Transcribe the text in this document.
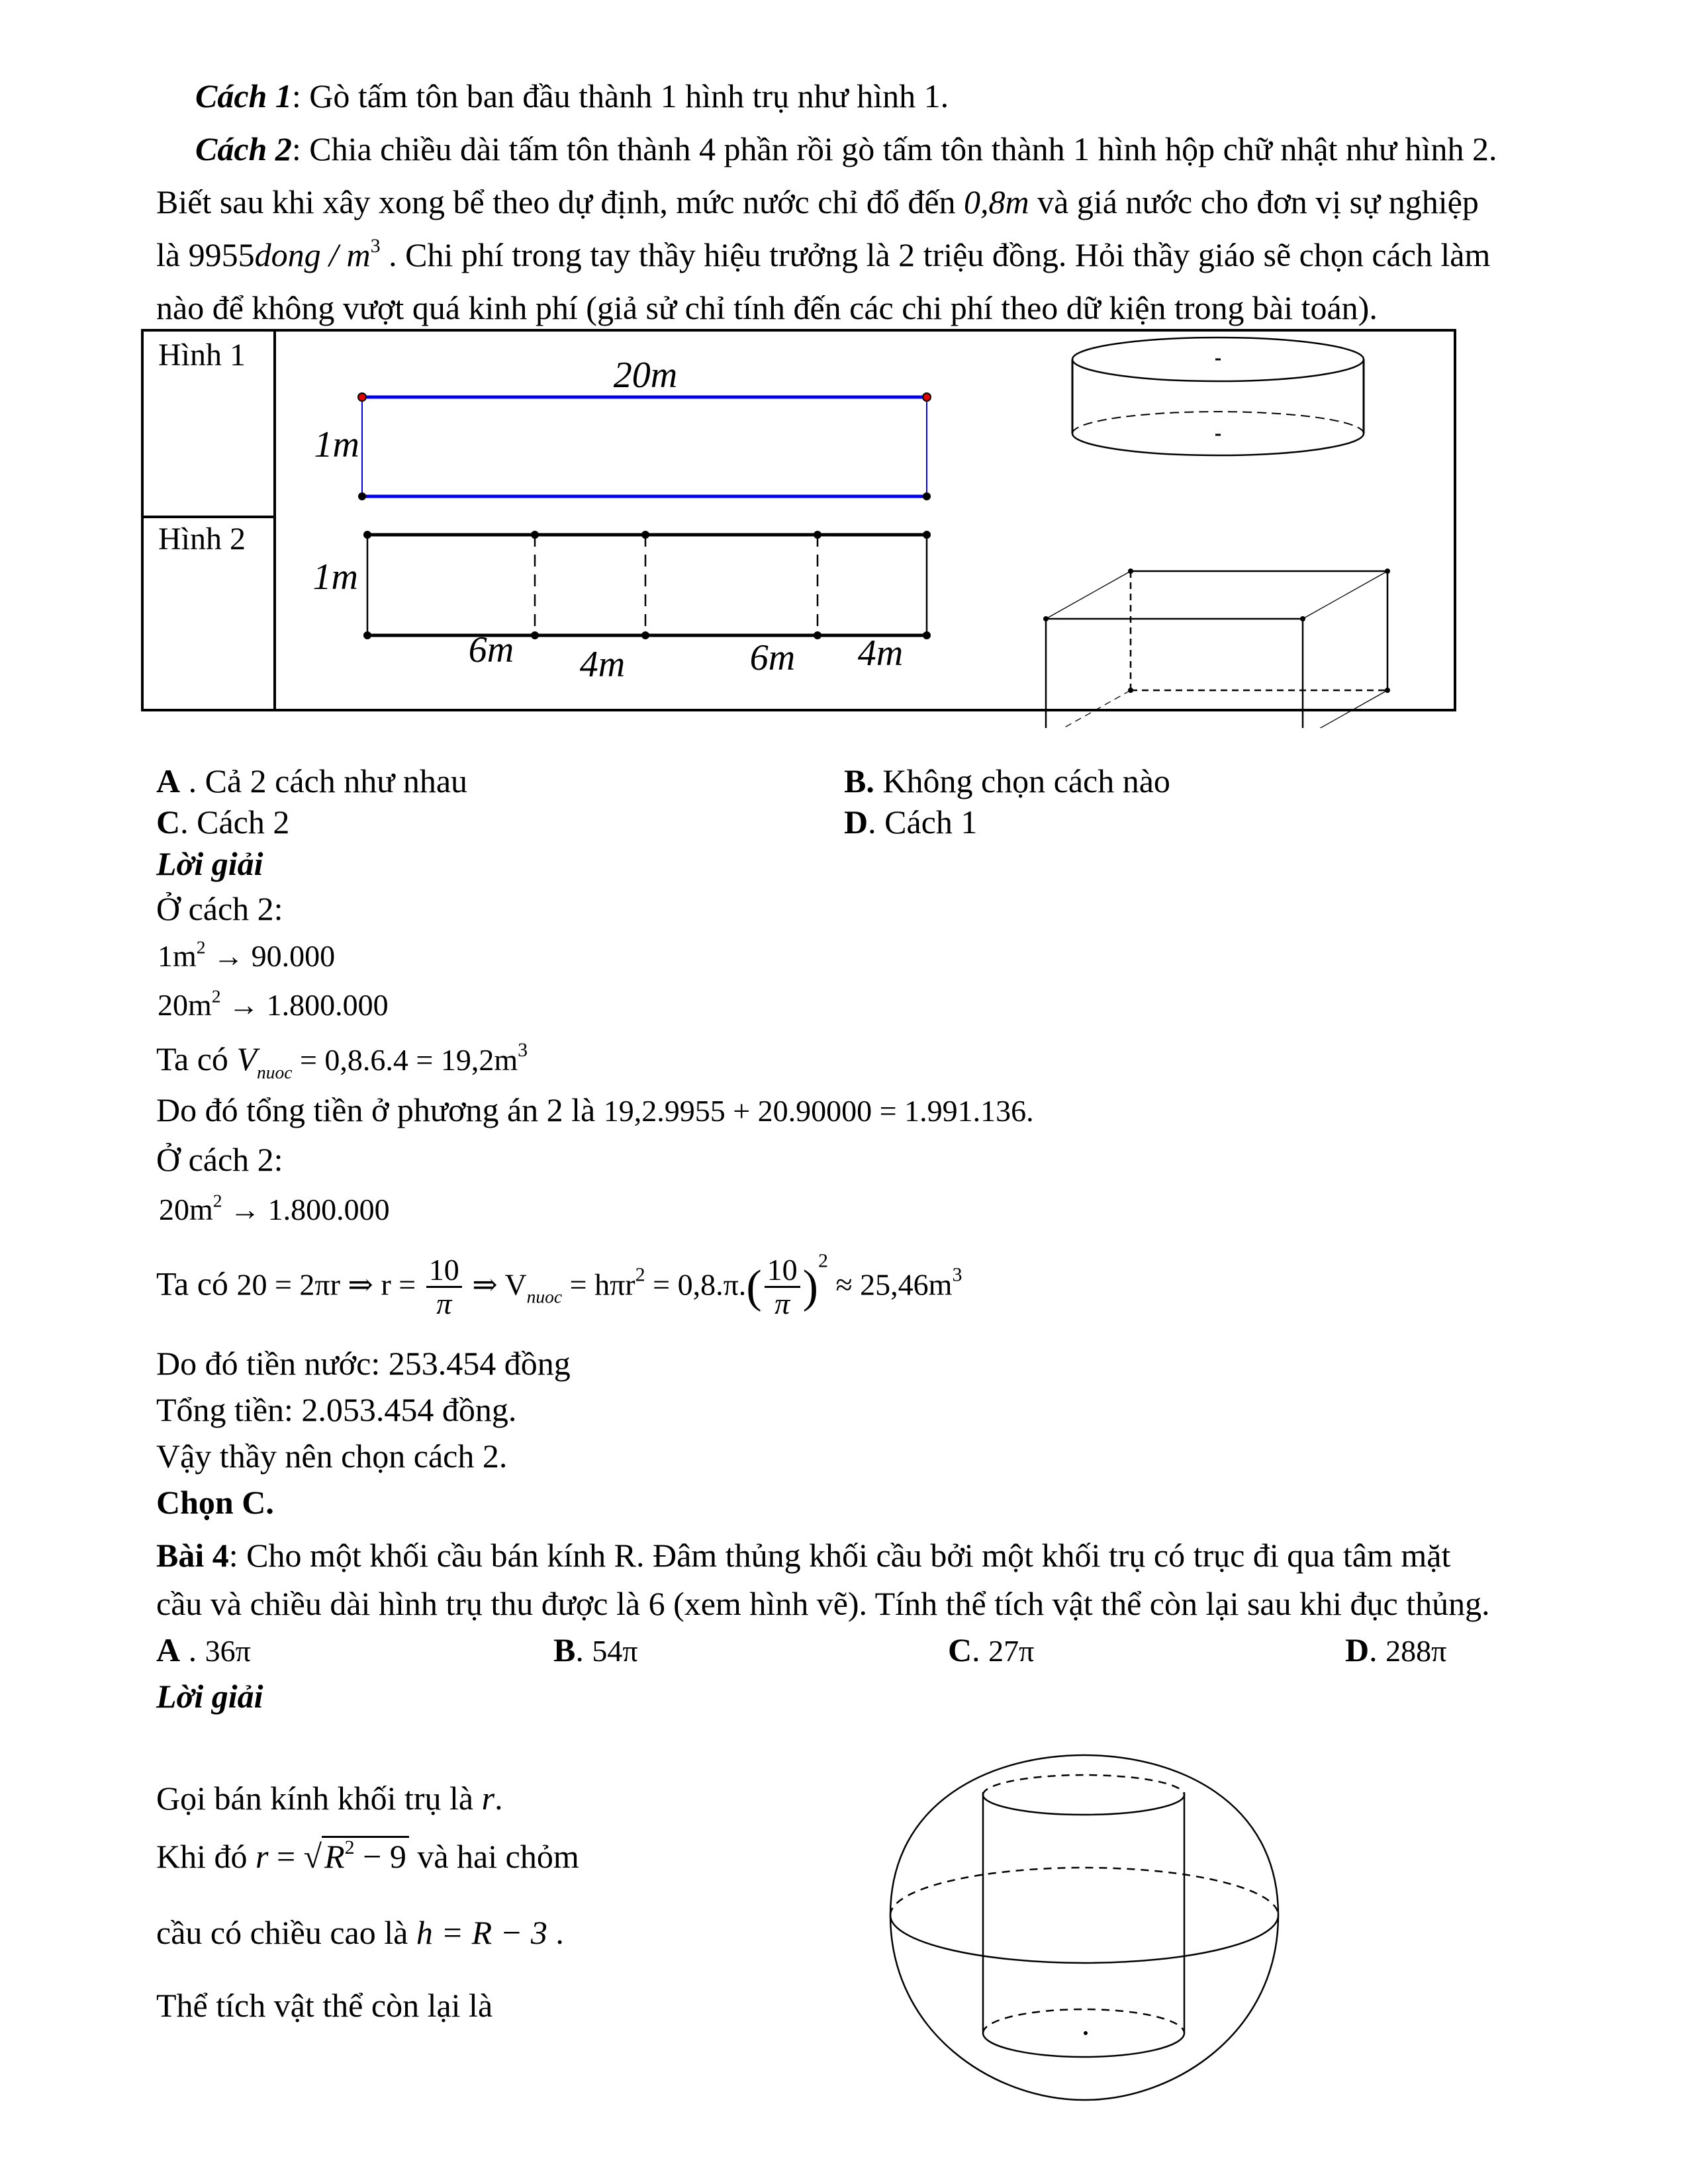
Cách 1: Gò tấm tôn ban đầu thành 1 hình trụ như hình 1.
Cách 2: Chia chiều dài tấm tôn thành 4 phần rồi gò tấm tôn thành 1 hình hộp chữ nhật như hình 2.
Biết sau khi xây xong bể theo dự định, mức nước chỉ đổ đến 0,8m và giá nước cho đơn vị sự nghiệp
là 9955dong / $m^3$ . Chi phí trong tay thầy hiệu trưởng là 2 triệu đồng. Hỏi thầy giáo sẽ chọn cách làm
nào để không vượt quá kinh phí (giả sử chỉ tính đến các chi phí theo dữ kiện trong bài toán).
Hình 1
Hình 2
20m
1m
1m
6m 4m	6m 4m
A . Cả 2 cách như nhau	B. Không chọn cách nào
C. Cách 2	D. Cách 1
Lời giải
Ở cách 2:
$1m^2 \to 90.000$
$20m^2 \to 1.800.000$
Ta có $V_{nuoc} = 0,8.6.4 = 19,2m^3$
Do đó tổng tiền ở phương án 2 là 19,2.9955 + 20.90000 = 1.991.136.
Ở cách 2:
$20m^2 \to 1.800.000$
Ta có 20 = 2πr ⇒ $r = \frac{10}{\pi}$ ⇒ $V_{nuoc} = h\pi r^2 = 0,8.\pi.( \frac{10}{\pi} )^2 \approx 25,46m^3$
Do đó tiền nước: 253.454 đồng
Tổng tiền: 2.053.454 đồng.
Vậy thầy nên chọn cách 2.
Chọn C.
Bài 4: Cho một khối cầu bán kính R. Đâm thủng khối cầu bởi một khối trụ có trục đi qua tâm mặt
cầu và chiều dài hình trụ thu được là 6 (xem hình vẽ). Tính thể tích vật thể còn lại sau khi đục thủng.
A . 36π	B. 54π	C. 27π	D. 288π
Lời giải
Gọi bán kính khối trụ là r.
Khi đó $r = √R^2 - 9$ và hai chỏm
cầu có chiều cao là h = R − 3 .
Thể tích vật thể còn lại là
